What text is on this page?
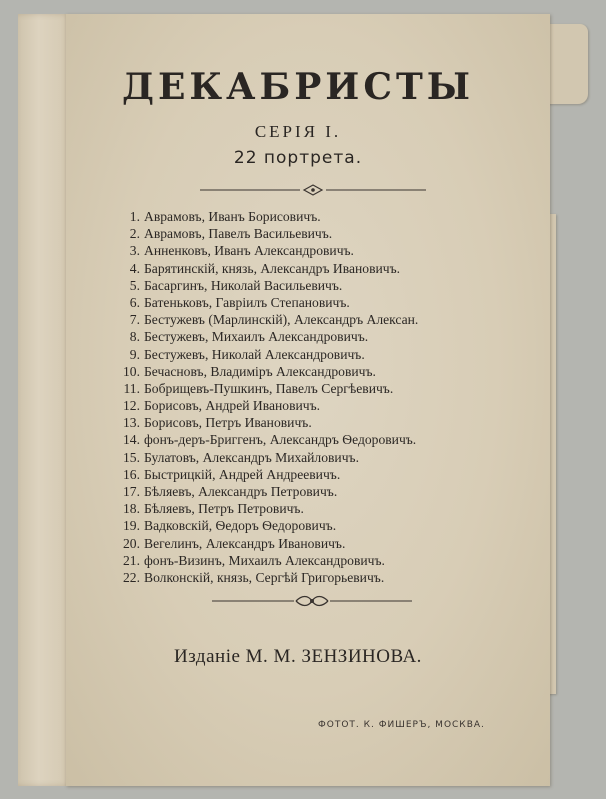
ДЕКАБРИСТЫ
СЕРІЯ І.
22 портрета.
1. Аврамовъ, Иванъ Борисовичъ.
2. Аврамовъ, Павелъ Васильевичъ.
3. Анненковъ, Иванъ Александровичъ.
4. Барятинскій, князь, Александръ Ивановичъ.
5. Басаргинъ, Николай Васильевичъ.
6. Батеньковъ, Гавріилъ Степановичъ.
7. Бестужевъ (Марлинскій), Александръ Алексан.
8. Бестужевъ, Михаилъ Александровичъ.
9. Бестужевъ, Николай Александровичъ.
10. Бечасновъ, Владиміръ Александровичъ.
11. Бобрищевъ-Пушкинъ, Павелъ Сергѣевичъ.
12. Борисовъ, Андрей Ивановичъ.
13. Борисовъ, Петръ Ивановичъ.
14. фонъ-деръ-Бриггенъ, Александръ Ѳедоровичъ.
15. Булатовъ, Александръ Михайловичъ.
16. Быстрицкій, Андрей Андреевичъ.
17. Бѣляевъ, Александръ Петровичъ.
18. Бѣляевъ, Петръ Петровичъ.
19. Вадковскій, Ѳедоръ Ѳедоровичъ.
20. Вегелинъ, Александръ Ивановичъ.
21. фонъ-Визинъ, Михаилъ Александровичъ.
22. Волконскій, князь, Сергѣй Григорьевичъ.
Изданіе М. М. ЗЕНЗИНОВА.
ФОТОТ. К. ФИШЕРЪ, МОСКВА.
